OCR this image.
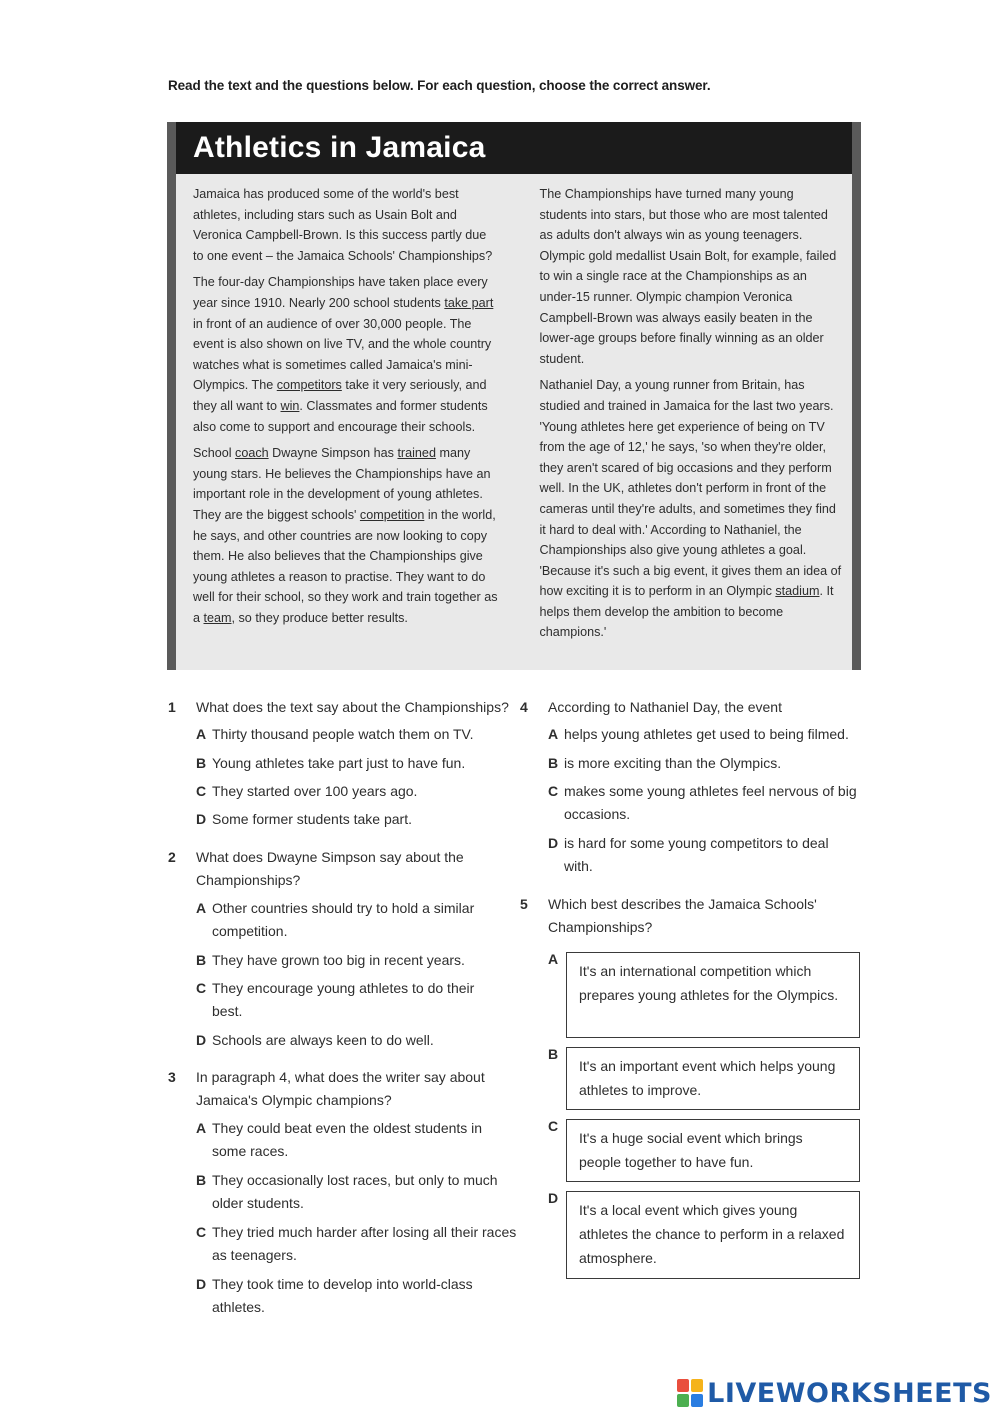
Read the text and the questions below. For each question, choose the correct answer.
Athletics in Jamaica

Jamaica has produced some of the world's best athletes, including stars such as Usain Bolt and Veronica Campbell-Brown. Is this success partly due to one event – the Jamaica Schools' Championships?

The four-day Championships have taken place every year since 1910. Nearly 200 school students take part in front of an audience of over 30,000 people. The event is also shown on live TV, and the whole country watches what is sometimes called Jamaica's mini-Olympics. The competitors take it very seriously, and they all want to win. Classmates and former students also come to support and encourage their schools.

School coach Dwayne Simpson has trained many young stars. He believes the Championships have an important role in the development of young athletes. They are the biggest schools' competition in the world, he says, and other countries are now looking to copy them. He also believes that the Championships give young athletes a reason to practise. They want to do well for their school, so they work and train together as a team, so they produce better results.

The Championships have turned many young students into stars, but those who are most talented as adults don't always win as young teenagers. Olympic gold medallist Usain Bolt, for example, failed to win a single race at the Championships as an under-15 runner. Olympic champion Veronica Campbell-Brown was always easily beaten in the lower-age groups before finally winning as an older student.

Nathaniel Day, a young runner from Britain, has studied and trained in Jamaica for the last two years. 'Young athletes here get experience of being on TV from the age of 12,' he says, 'so when they're older, they aren't scared of big occasions and they perform well. In the UK, athletes don't perform in front of the cameras until they're adults, and sometimes they find it hard to deal with.' According to Nathaniel, the Championships also give young athletes a goal. 'Because it's such a big event, it gives them an idea of how exciting it is to perform in an Olympic stadium. It helps them develop the ambition to become champions.'

1	What does the text say about the Championships?
A Thirty thousand people watch them on TV.
B Young athletes take part just to have fun.
C They started over 100 years ago.
D Some former students take part.
2	What does Dwayne Simpson say about the
Championships?
A Other countries should try to hold a similar competition.
B They have grown too big in recent years.
C They encourage young athletes to do their best.
D Schools are always keen to do well.
3	In paragraph 4, what does the writer say about
Jamaica's Olympic champions?
A They could beat even the oldest students in some races.
B They occasionally lost races, but only to much older students.
C They tried much harder after losing all their races as teenagers.
D They took time to develop into world-class athletes.
4	According to Nathaniel Day, the event
A helps young athletes get used to being filmed.
B is more exciting than the Olympics.
C makes some young athletes feel nervous of big occasions.
D is hard for some young competitors to deal with.
5	Which best describes the Jamaica Schools'
Championships?
A
It's an international competition which prepares young athletes for the Olympics.
B
It's an important event which helps young athletes to improve.
C
It's a huge social event which brings people together to have fun.
D
It's a local event which gives young athletes the chance to perform in a relaxed atmosphere.
LIVEWORKSHEETS
